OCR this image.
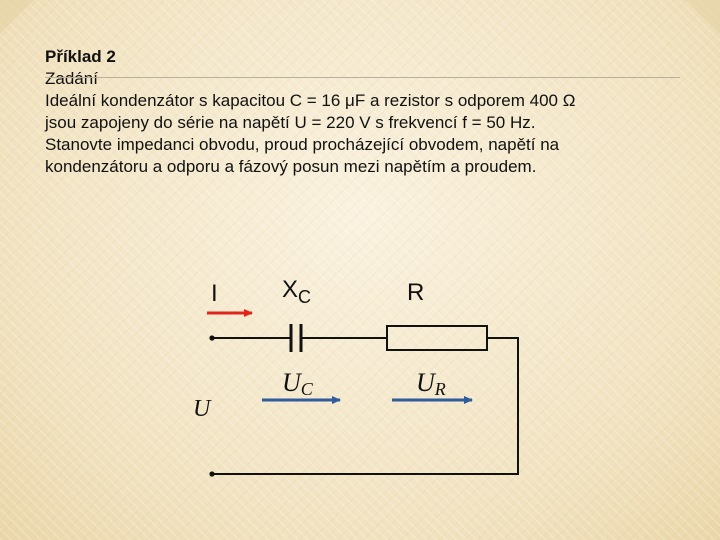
Příklad 2
Zadání
Ideální kondenzátor s kapacitou C = 16 μF a rezistor s odporem 400 Ω
jsou zapojeny do série na napětí U = 220 V s frekvencí f = 50 Hz.
Stanovte impedanci obvodu, proud procházející obvodem, napětí na
kondenzátoru a odporu a fázový posun mezi napětím a proudem.
I	$X_C$	R
UC	UR
U
